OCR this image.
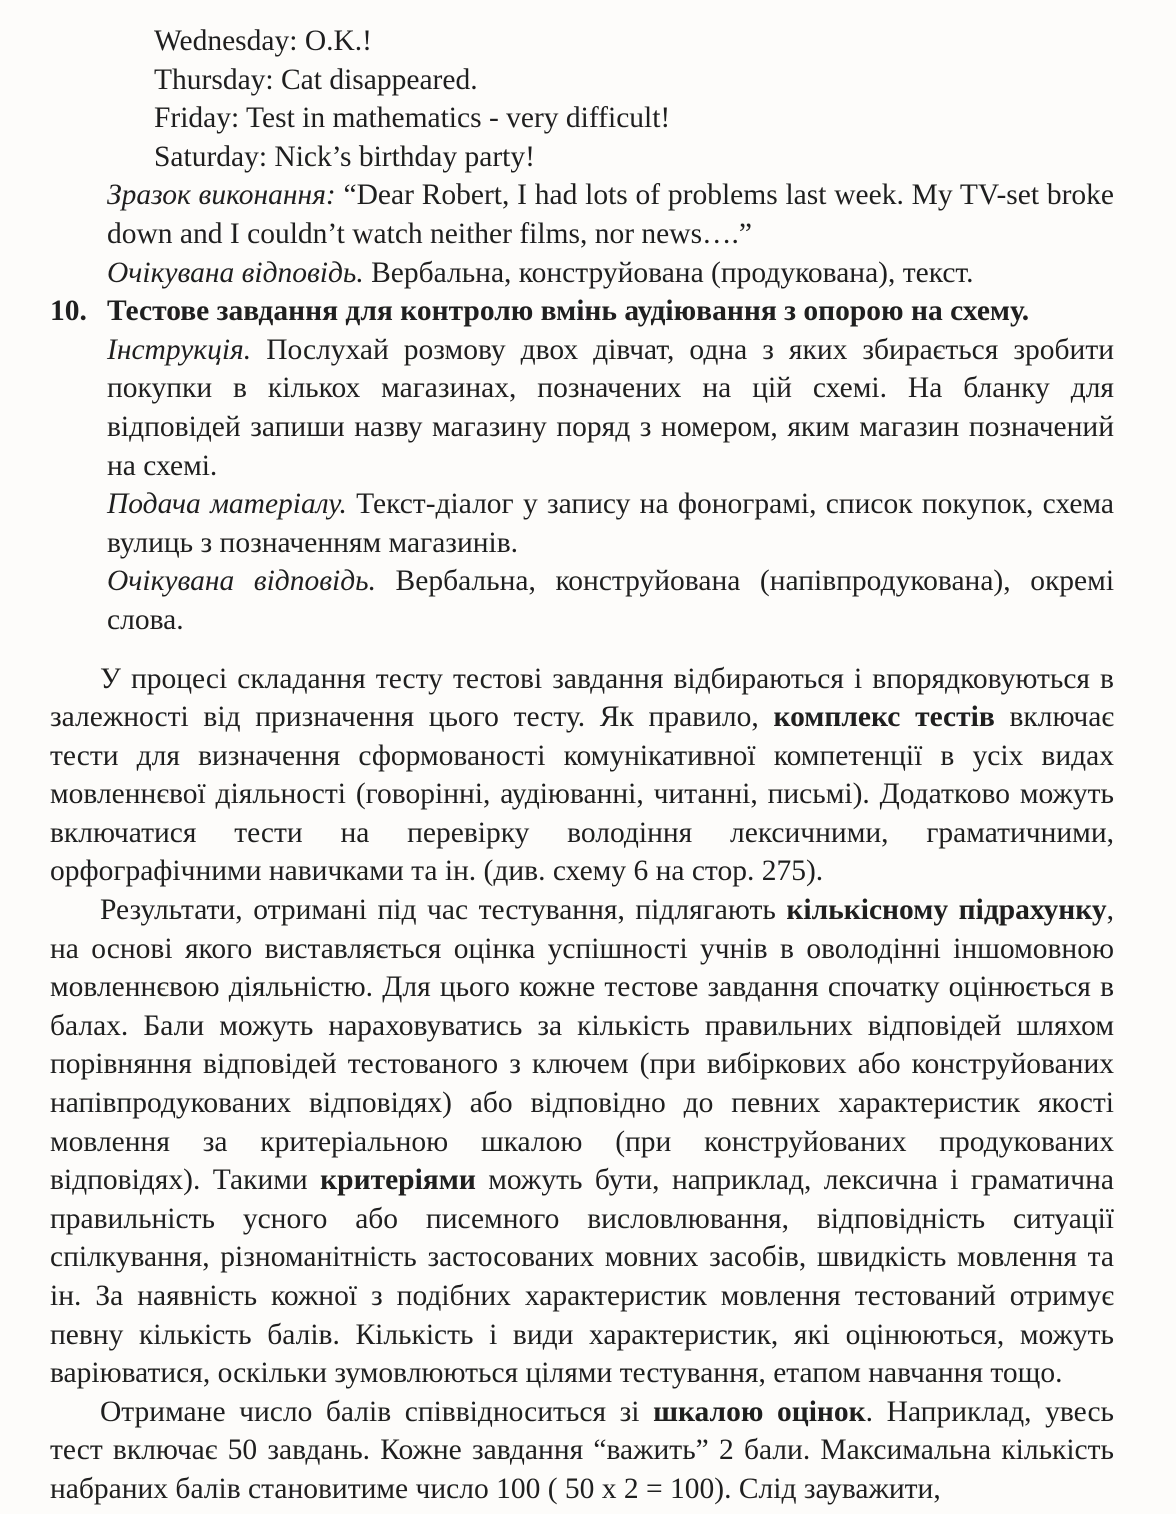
Wednesday: O.K.!
Thursday: Cat disappeared.
Friday: Test in mathematics - very difficult!
Saturday: Nick’s birthday party!

Зразок виконання: “Dear Robert, I had lots of problems last week. My TV-set broke down and I couldn’t watch neither films, nor news….”

Очікувана відповідь. Вербальна, конструйована (продукована), текст.

10. Тестове завдання для контролю вмінь аудіювання з опорою на схему.

Інструкція. Послухай розмову двох дівчат, одна з яких збирається зробити покупки в кількох магазинах, позначених на цій схемі. На бланку для відповідей запиши назву магазину поряд з номером, яким магазин позначений на схемі.

Подача матеріалу. Текст-діалог у запису на фонограмі, список покупок, схема вулиць з позначенням магазинів.

Очікувана відповідь. Вербальна, конструйована (напівпродукована), окремі слова.

У процесі складання тесту тестові завдання відбираються і впорядковуються в залежності від призначення цього тесту. Як правило, комплекс тестів включає тести для визначення сформованості комунікативної компетенції в усіх видах мовленнєвої діяльності (говорінні, аудіюванні, читанні, письмі). Додатково можуть включатися тести на перевірку володіння лексичними, граматичними, орфографічними навичками та ін. (див. схему 6 на стор. 275).

Результати, отримані під час тестування, підлягають кількісному підрахунку, на основі якого виставляється оцінка успішності учнів в оволодінні іншомовною мовленнєвою діяльністю. Для цього кожне тестове завдання спочатку оцінюється в балах. Бали можуть нараховуватись за кількість правильних відповідей шляхом порівняння відповідей тестованого з ключем (при вибіркових або конструйованих напівпродукованих відповідях) або відповідно до певних характеристик якості мовлення за критеріальною шкалою (при конструйованих продукованих відповідях). Такими критеріями можуть бути, наприклад, лексична і граматична правильність усного або писемного висловлювання, відповідність ситуації спілкування, різноманітність застосованих мовних засобів, швидкість мовлення та ін. За наявність кожної з подібних характеристик мовлення тестований отримує певну кількість балів. Кількість і види характеристик, які оцінюються, можуть варіюватися, оскільки зумовлюються цілями тестування, етапом навчання тощо.

Отримане число балів співвідноситься зі шкалою оцінок. Наприклад, увесь тест включає 50 завдань. Кожне завдання “важить” 2 бали. Максимальна кількість набраних балів становитиме число 100 ( 50 х 2 = 100). Слід зауважити,
